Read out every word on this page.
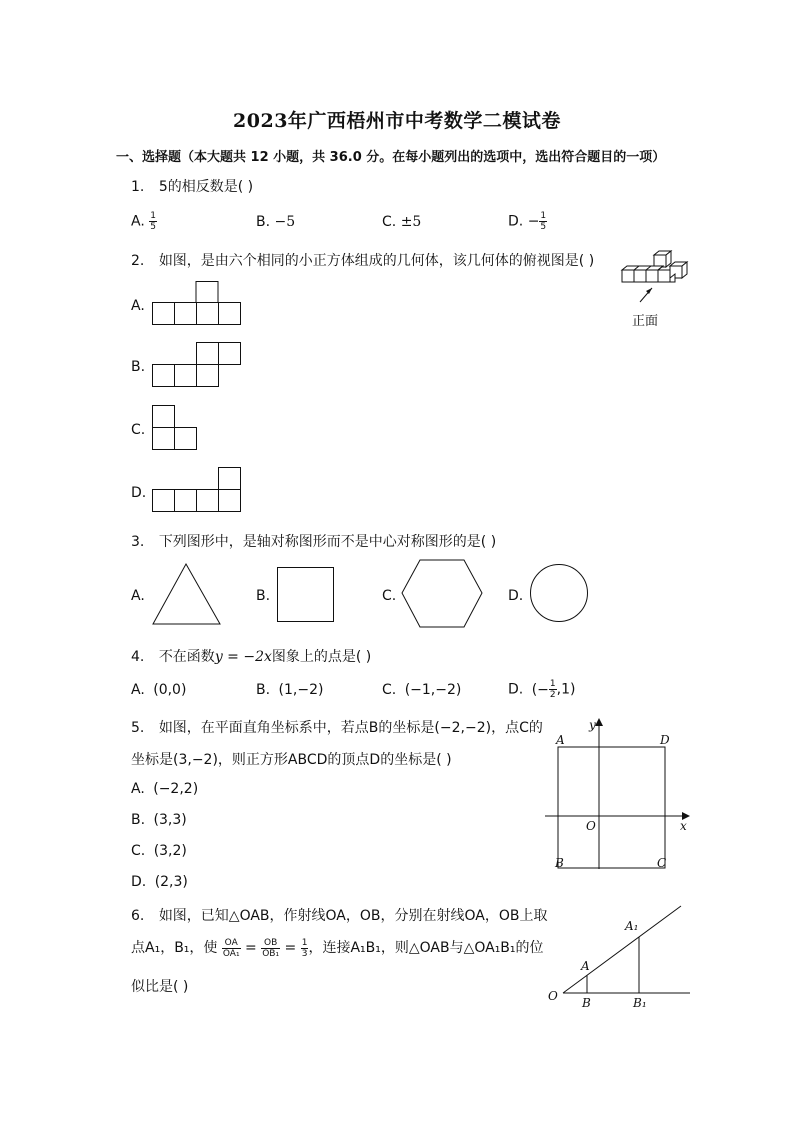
2023年广西梧州市中考数学二模试卷
一、选择题（本大题共 12 小题，共 36.0 分。在每小题列出的选项中，选出符合题目的一项）
1. 5的相反数是( )
A. $\frac{1}{5}$	B. −5	C. ±5	D. − $\frac{1}{5}$
2. 如图，是由六个相同的小正方体组成的几何体，该几何体的俯视图是( )
正面
A.
B.
C.
D.
3. 下列图形中，是轴对称图形而不是中心对称图形的是( )
A.	B.	C.	D.
4. 不在函数y = −2x图象上的点是( )
A. (0,0)	B. (1,−2)	C. (−1,−2)	D. (− $\frac{1}{2} ,1$)
5. 如图，在平面直角坐标系中，若点B的坐标是(−2,−2)，点C的
坐标是(3,−2)，则正方形ABCD的顶点D的坐标是( )
A. (−2,2)
B. (3,3)
C. (3,2)
D. (2,3)
y
A	D
O	x
B	C
6. 如图，已知△OAB，作射线OA，OB，分别在射线OA，OB上取
点A₁，B₁，使 $\frac{OA}{\text{OA₁}} = \frac{OB}{\text{OB₁}} = \frac{1}{3}$ ，连接A₁B₁，则△OAB与△OA₁B₁的位
似比是( )
O
A
B
A₁
B₁
